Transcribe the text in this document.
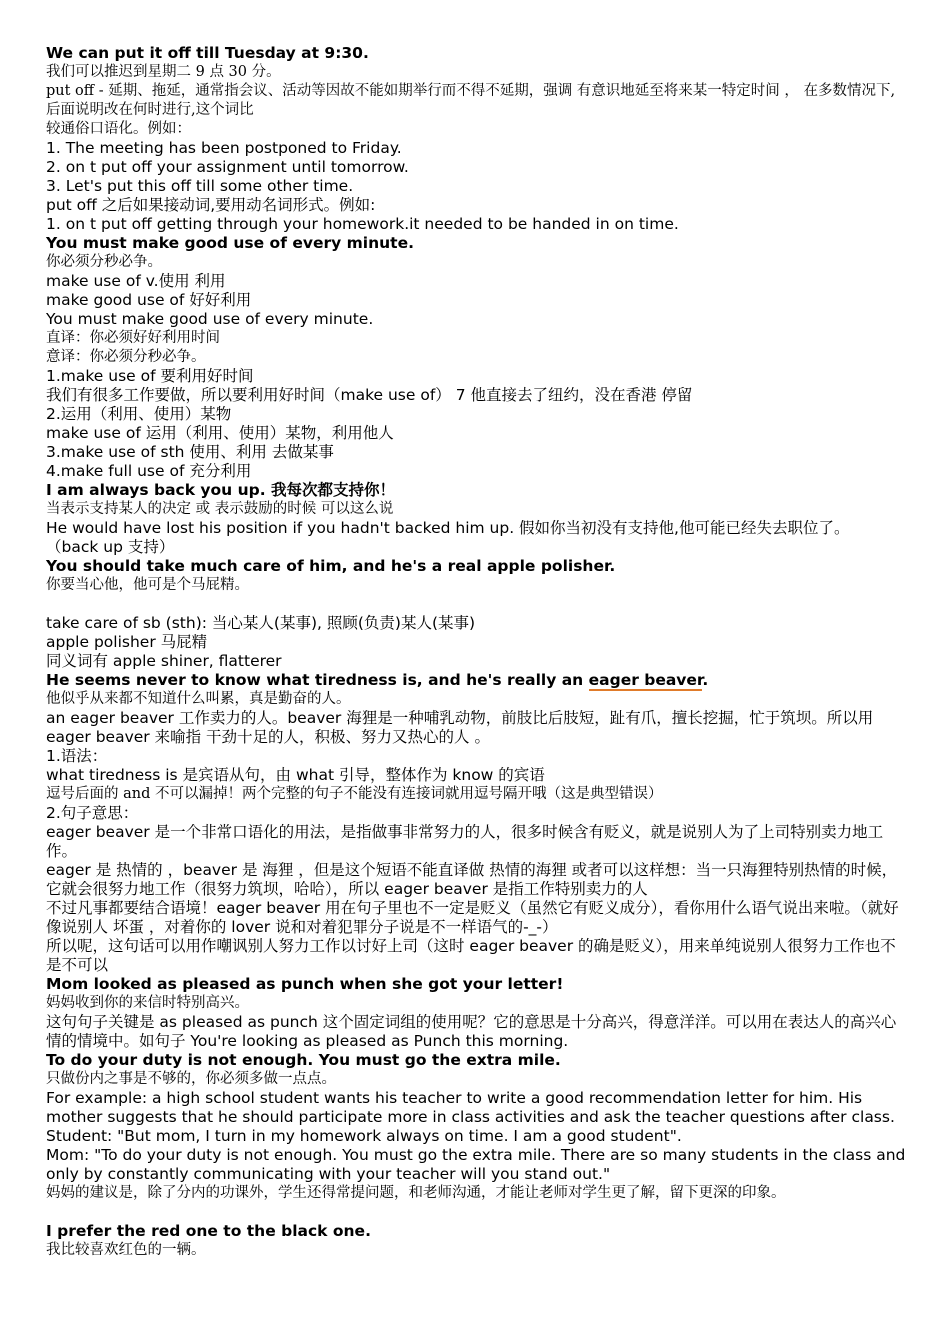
We can put it off till Tuesday at 9:30.
我们可以推迟到星期二 9 点 30 分。
put off - 延期、拖延，通常指会议、活动等因故不能如期举行而不得不延期，强调 有意识地延至将来某一特定时间 ， 在多数情况下, 后面说明改在何时进行,这个词比
较通俗口语化。例如：
1. The meeting has been postponed to Friday.
2. on t put off your assignment until tomorrow.
3. Let's put this off till some other time.
put off 之后如果接动词,要用动名词形式。例如:
1. on t put off getting through your homework.it needed to be handed in on time.
You must make good use of every minute.
你必须分秒必争。
make use of v.使用 利用
make good use of 好好利用
You must make good use of every minute.
直译：你必须好好利用时间
意译：你必须分秒必争。
1.make use of 要利用好时间
我们有很多工作要做，所以要利用好时间（make use of） 7 他直接去了纽约，没在香港 停留
2.运用（利用、使用）某物
make use of 运用（利用、使用）某物，利用他人
3.make use of sth 使用、利用 去做某事
4.make full use of 充分利用
I am always back you up. 我每次都支持你！
当表示支持某人的决定 或 表示鼓励的时候 可以这么说
He would have lost his position if you hadn't backed him up. 假如你当初没有支持他,他可能已经失去职位了。
（back up 支持）
You should take much care of him, and he's a real apple polisher.
你要当心他，他可是个马屁精。
take care of sb (sth): 当心某人(某事), 照顾(负责)某人(某事)
apple polisher 马屁精
同义词有 apple shiner, flatterer
He seems never to know what tiredness is, and he's really an eager beaver.
他似乎从来都不知道什么叫累，真是勤奋的人。
an eager beaver 工作卖力的人。beaver 海狸是一种哺乳动物，前肢比后肢短，趾有爪，擅长挖掘，忙于筑坝。所以用 eager beaver 来喻指 干劲十足的人，积极、努力又热心的人 。
1.语法：
what tiredness is 是宾语从句，由 what 引导，整体作为 know 的宾语
逗号后面的 and 不可以漏掉！两个完整的句子不能没有连接词就用逗号隔开哦（这是典型错误）
2.句子意思：
eager beaver 是一个非常口语化的用法，是指做事非常努力的人，很多时候含有贬义，就是说别人为了上司特别卖力地工作。
eager 是 热情的 ，beaver 是 海狸 ，但是这个短语不能直译做 热情的海狸 或者可以这样想：当一只海狸特别热情的时候，它就会很努力地工作（很努力筑坝，哈哈），所以 eager beaver 是指工作特别卖力的人
不过凡事都要结合语境！eager beaver 用在句子里也不一定是贬义（虽然它有贬义成分），看你用什么语气说出来啦。（就好像说别人 坏蛋 ，对着你的 lover 说和对着犯罪分子说是不一样语气的-_-）
所以呢，这句话可以用作嘲讽别人努力工作以讨好上司（这时 eager beaver 的确是贬义），用来单纯说别人很努力工作也不是不可以
Mom looked as pleased as punch when she got your letter!
妈妈收到你的来信时特别高兴。
这句句子关键是 as pleased as punch 这个固定词组的使用呢？它的意思是十分高兴，得意洋洋。可以用在表达人的高兴心情的情境中。如句子 You're looking as pleased as Punch this morning.
To do your duty is not enough. You must go the extra mile.
只做份内之事是不够的，你必须多做一点点。
For example: a high school student wants his teacher to write a good recommendation letter for him. His mother suggests that he should participate more in class activities and ask the teacher questions after class.
Student: "But mom, I turn in my homework always on time. I am a good student".
Mom: "To do your duty is not enough. You must go the extra mile. There are so many students in the class and only by constantly communicating with your teacher will you stand out."
妈妈的建议是，除了分内的功课外，学生还得常提问题，和老师沟通，才能让老师对学生更了解，留下更深的印象。
I prefer the red one to the black one.
我比较喜欢红色的一辆。
